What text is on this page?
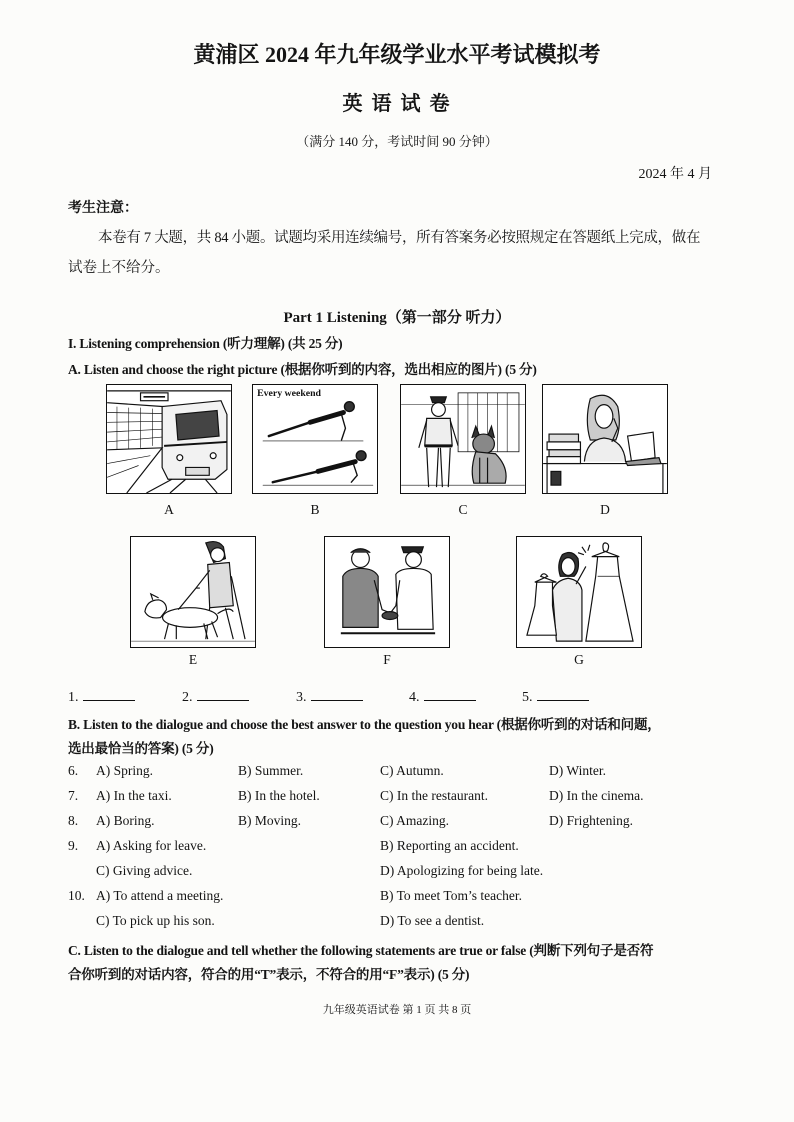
黄浦区 2024 年九年级学业水平考试模拟考
英 语 试 卷
（满分 140 分，考试时间 90 分钟）
2024 年 4 月
考生注意：
本卷有 7 大题，共 84 小题。试题均采用连续编号，所有答案务必按照规定在答题纸上完成，做在
试卷上不给分。
Part 1 Listening（第一部分 听力）
I. Listening comprehension (听力理解) (共 25 分)
A. Listen and choose the right picture (根据你听到的内容，选出相应的图片) (5 分)
A
Every weekend
B	C	D
E	F	G
1.	2.	3.	4.	5.
B. Listen to the dialogue and choose the best answer to the question you hear (根据你听到的对话和问题，
选出最恰当的答案) (5 分)
6. A) Spring.	B) Summer.	C) Autumn.	D) Winter.
7. A) In the taxi.	B) In the hotel.	C) In the restaurant.	D) In the cinema.
8. A) Boring.	B) Moving.	C) Amazing.	D) Frightening.
9. A) Asking for leave.	B) Reporting an accident.
C) Giving advice.	D) Apologizing for being late.
10. A) To attend a meeting.	B) To meet Tom’s teacher.
C) To pick up his son.	D) To see a dentist.
C. Listen to the dialogue and tell whether the following statements are true or false (判断下列句子是否符
合你听到的对话内容，符合的用“T”表示，不符合的用“F”表示) (5 分)
九年级英语试卷 第 1 页 共 8 页
